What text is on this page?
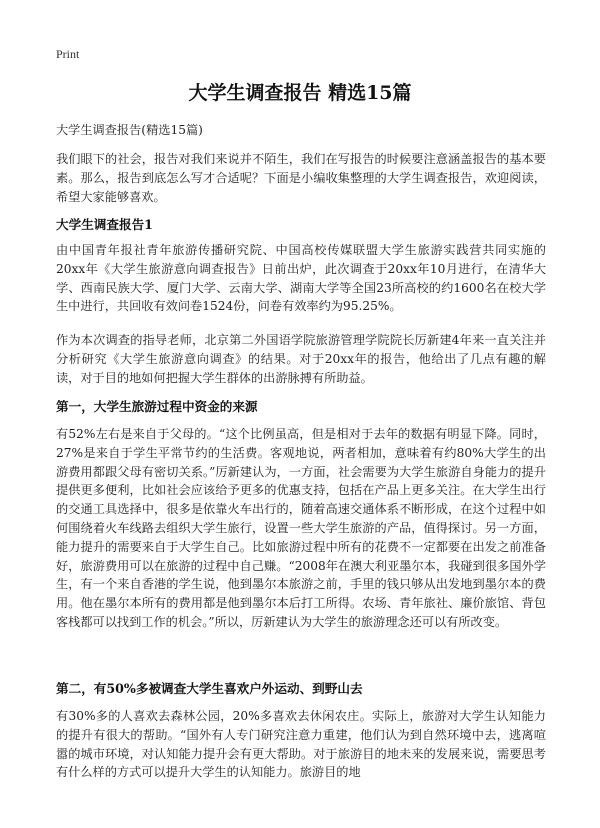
Print
大学生调查报告 精选15篇
大学生调查报告(精选15篇)

我们眼下的社会，报告对我们来说并不陌生，我们在写报告的时候要注意涵盖报告的基本要素。那么，报告到底怎么写才合适呢？下面是小编收集整理的大学生调查报告，欢迎阅读，希望大家能够喜欢。

大学生调查报告1

由中国青年报社青年旅游传播研究院、中国高校传媒联盟大学生旅游实践营共同实施的20xx年《大学生旅游意向调查报告》日前出炉，此次调查于20xx年10月进行，在清华大学、西南民族大学、厦门大学、云南大学、湖南大学等全国23所高校的约1600名在校大学生中进行，共回收有效问卷1524份，问卷有效率约为95.25%。

作为本次调查的指导老师，北京第二外国语学院旅游管理学院院长厉新建4年来一直关注并分析研究《大学生旅游意向调查》的结果。对于20xx年的报告，他给出了几点有趣的解读，对于目的地如何把握大学生群体的出游脉搏有所助益。

第一，大学生旅游过程中资金的来源

有52%左右是来自于父母的。“这个比例虽高，但是相对于去年的数据有明显下降。同时，27%是来自于学生平常节约的生活费。客观地说，两者相加，意味着有约80%大学生的出游费用都跟父母有密切关系。”厉新建认为，一方面，社会需要为大学生旅游自身能力的提升提供更多便利，比如社会应该给予更多的优惠支持，包括在产品上更多关注。在大学生出行的交通工具选择中，很多是依靠火车出行的，随着高速交通体系不断形成，在这个过程中如何围绕着火车线路去组织大学生旅行，设置一些大学生旅游的产品，值得探讨。另一方面，能力提升的需要来自于大学生自己。比如旅游过程中所有的花费不一定都要在出发之前准备好，旅游费用可以在旅游的过程中自己赚。“2008年在澳大利亚墨尔本，我碰到很多国外学生，有一个来自香港的学生说，他到墨尔本旅游之前，手里的钱只够从出发地到墨尔本的费用。他在墨尔本所有的费用都是他到墨尔本后打工所得。农场、青年旅社、廉价旅馆、背包客栈都可以找到工作的机会。”所以，厉新建认为大学生的旅游理念还可以有所改变。

第二，有50%多被调查大学生喜欢户外运动、到野山去

有30%多的人喜欢去森林公园，20%多喜欢去休闲农庄。实际上，旅游对大学生认知能力的提升有很大的帮助。“国外有人专门研究注意力重建，他们认为到自然环境中去，逃离喧嚣的城市环境，对认知能力提升会有更大帮助。对于旅游目的地未来的发展来说，需要思考有什么样的方式可以提升大学生的认知能力。旅游目的地
